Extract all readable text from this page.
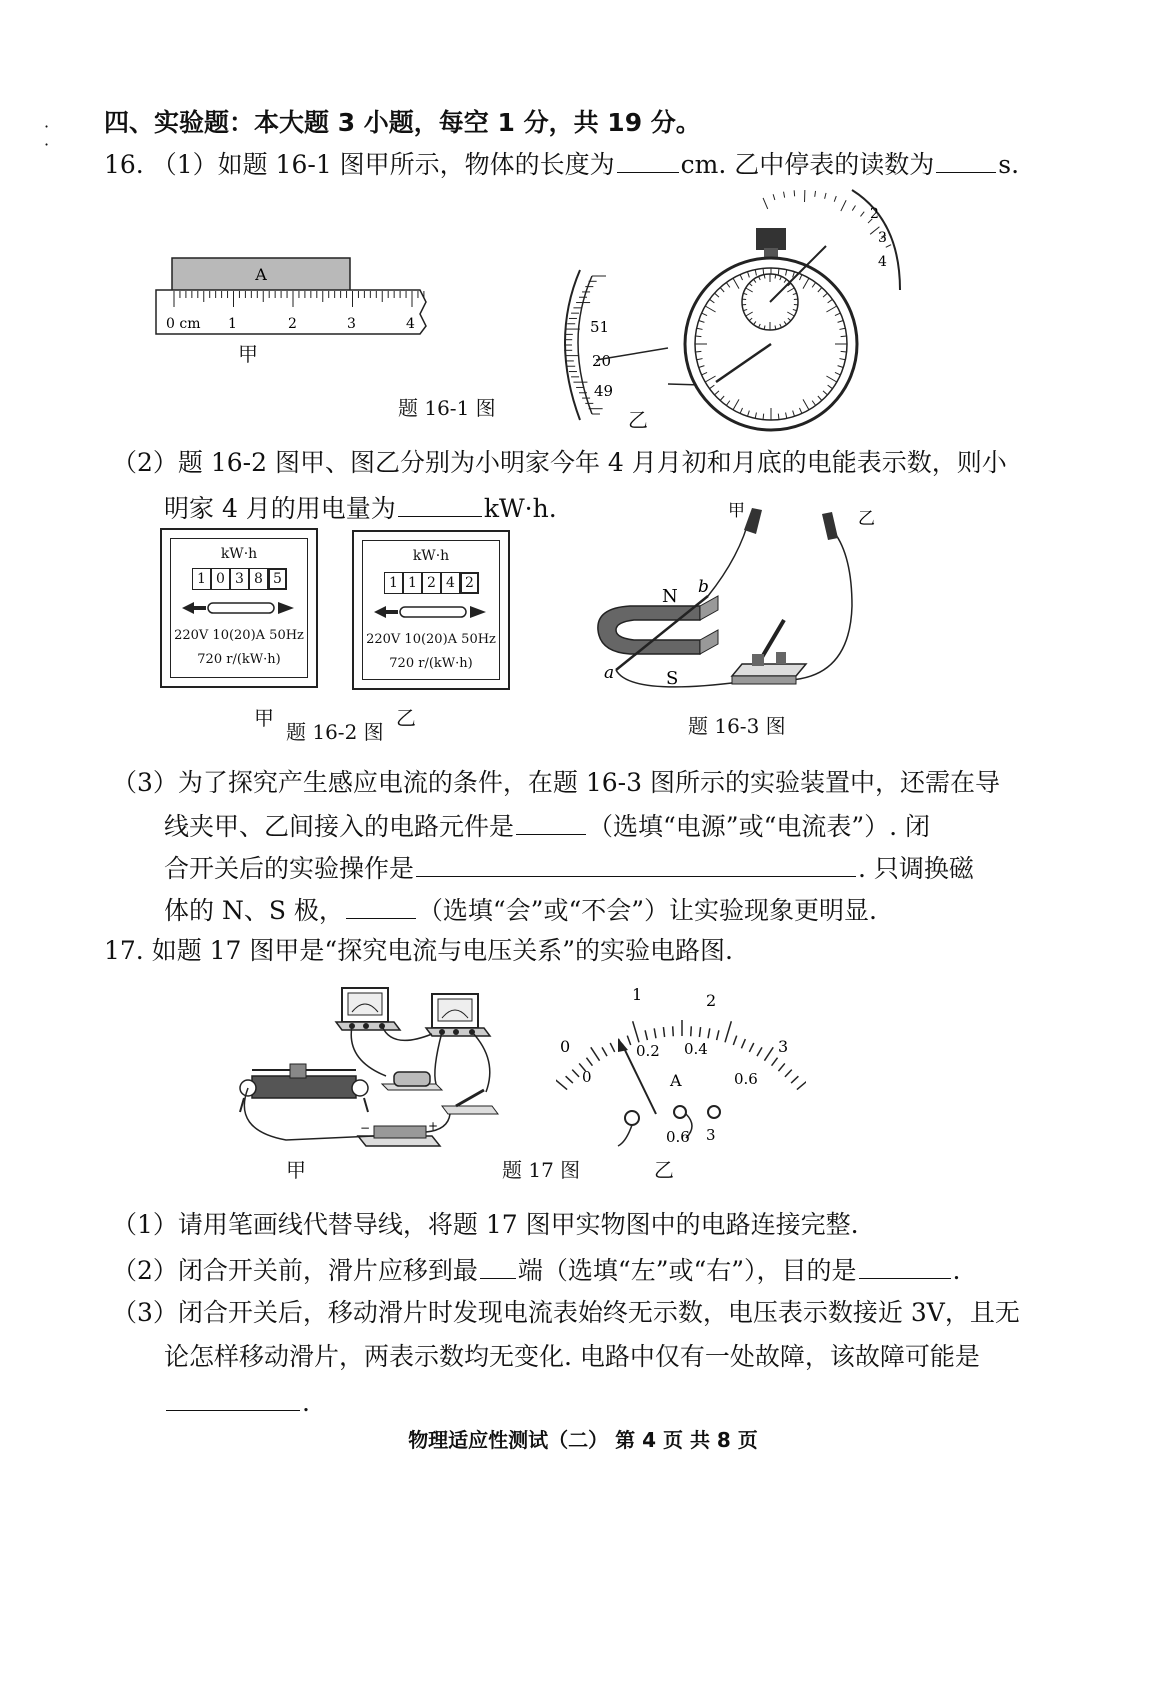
·
·
四、实验题：本大题 3 小题，每空 1 分，共 19 分。
16. （1）如题 16-1 图甲所示，物体的长度为	cm. 乙中停表的读数为	s.
A
0 cm 1	2	3	4
甲
题 16-1 图
51
20
49
2
3
4
乙
（2）题 16-2 图甲、图乙分别为小明家今年 4 月月初和月底的电能表示数，则小
明家 4 月的用电量为	kW·h.
kW·h
1 0 3 8 5
220V 10(20)A 50Hz
720 r/(kW·h)
kW·h
1 1 2 4 2
220V 10(20)A 50Hz
720 r/(kW·h)
甲
题 16-2 图
乙
N
S
a
b
甲	乙
题 16-3 图
（3）为了探究产生感应电流的条件，在题 16-3 图所示的实验装置中，还需在导
线夹甲、乙间接入的电路元件是	（选填“电源”或“电流表”）. 闭
合开关后的实验操作是	. 只调换磁
体的 N、S 极，	（选填“会”或“不会”）让实验现象更明显.
17. 如题 17 图甲是“探究电流与电压关系”的实验电路图.
−	+
甲	题 17 图
0
0
1	2
3
0.2 0.4
0.6
A
0.6 3
乙
（1）请用笔画线代替导线，将题 17 图甲实物图中的电路连接完整.
（2）闭合开关前，滑片应移到最 端（选填“左”或“右”），目的是	.
（3）闭合开关后，移动滑片时发现电流表始终无示数，电压表示数接近 3V，且无
论怎样移动滑片，两表示数均无变化. 电路中仅有一处故障，该故障可能是
.
物理适应性测试（二） 第 4 页 共 8 页
